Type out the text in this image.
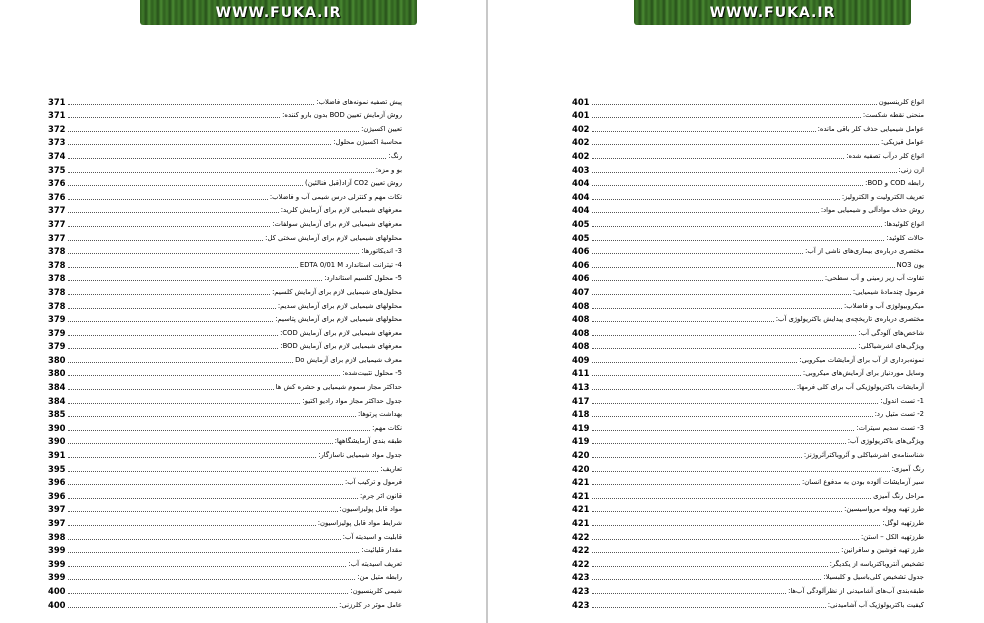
WWW.FUKA.IR
371	پیش تصفیه نمونه‌های فاضلاب:
371	روش آزمایش تعیین BOD بدون بارو کننده:
372	تعیین اکسیژن:
373	محاسبهٔ اکسیژن محلول:
374	رنگ:
375	بو و مزه:
376	روش تعیین CO2 آزاد(قبل فنالئین)
376	نکات مهم و کنترلی درس شیمی آب و فاضلاب:
377	معرفهای شیمیایی لازم برای آزمایش کلرید:
377	معرفهای شیمیایی لازم برای آزمایش سولفات:
377	محلولهای شیمیایی لازم برای آزمایش سختی کل:
378	3- اندیکاتورها:
378	4- تیترانت استاندارد EDTA 0/01 M
378	5- محلول کلسیم استاندارد:
378	محلول‌های شیمیایی لازم برای آزمایش کلسیم:
378	محلولهای شیمیایی لازم برای آزمایش سدیم:
379	محلولهای شیمیایی لازم برای آزمایش پتاسیم:
379	معرفهای شیمیایی لازم برای آزمایش COD:
379	معرفهای شیمیایی لازم برای آزمایش BOD:
380	معرف شیمیایی لازم برای آزمایش Do
380	5- محلول تثبیت‌شده:
384	حداکثر مجاز سموم شیمیایی و حشره کش ها
384	جدول حداکثر مجاز مواد رادیو اکتیو:
385	بهداشت پرتوها:
390	نکات مهم:
390	طبقه بندی آزمایشگاهها:
391	جدول مواد شیمیایی ناسازگار:
395	تعاریف:
396	فرمول و ترکیب آب:
396	قانون اثر جرم:
397	مواد قابل پولیزاسیون:
397	شرایط مواد قابل پولیزاسیون:
398	قابلیت و اسیدیته آب:
399	مقدار قلیائیت:
399	تعریف اسیدیته آب:
399	رابطه متیل من:
400	شیمی کلرینسیون:
400	عامل موثر در کلرزنی:
WWW.FUKA.IR
401	انواع کلرینسیون
401	منحنی نقطه شکست:
402	عوامل شیمیایی حذف کلر باقی مانده:
402	عوامل فیزیکی:
402	انواع کلر درآب تصفیه شده:
403	ازن زنی:
404	رابطه COD و BOD:
404	تعریف الکترولیت و الکترولیز:
404	روش حذف موادآلی و شیمیایی مواد:
405	انواع کلوئیدها:
405	حالات کلوئید:
406	مختصری درباره‌ی بیماری‌های ناشی از آب:
406	یون NO3
406	تفاوت آب زیر زمینی و آب سطحی:
407	فرمول چندمادهٔ شیمیایی:
408	میکروبیولوژی آب و فاضلاب:
408	مختصری درباره‌ی تاریخچه‌ی پیدایش باکتریولوژی آب:
408	شاخص‌های آلودگی آب:
408	ویژگی‌های اشرشیاکلی:
409	نمونه‌برداری از آب برای آزمایشات میکروبی:
411	وسایل موردنیاز برای آزمایش‌های میکروبی:
413	آزمایشات باکتریولوژیکی آب برای کلی فرمها:
417	1- تست اندول:
418	2- تست متیل رد:
419	3- تست سدیم سیترات:
419	ویژگی‌های باکتریولوژی آب:
420	شناسنامه‌ی اشرشیاکلی و آئروباکتر‌آئروژنز:
420	رنگ آمیزی:
421	سیر آزمایشات آلوده بودن به مدفوع انسان:
421	مراحل رنگ آمیزی
421	طرز تهیه ویوله مرواسیسین:
421	طرزتهیه لوگل:
422	طرزتهیه الکل – استن:
422	طرز تهیه فوشین و سافرانین:
422	تشخیص آنتروباکتریاسه از یکدیگر:
423	جدول تشخیص کلی‌باسیل و کلبسیلا:
423	طبقه‌بندی آب‌های آشامیدنی از نظرآلودگی آب‌ها:
423	کیفیت باکتریولوژیک آب آشامیدنی:
